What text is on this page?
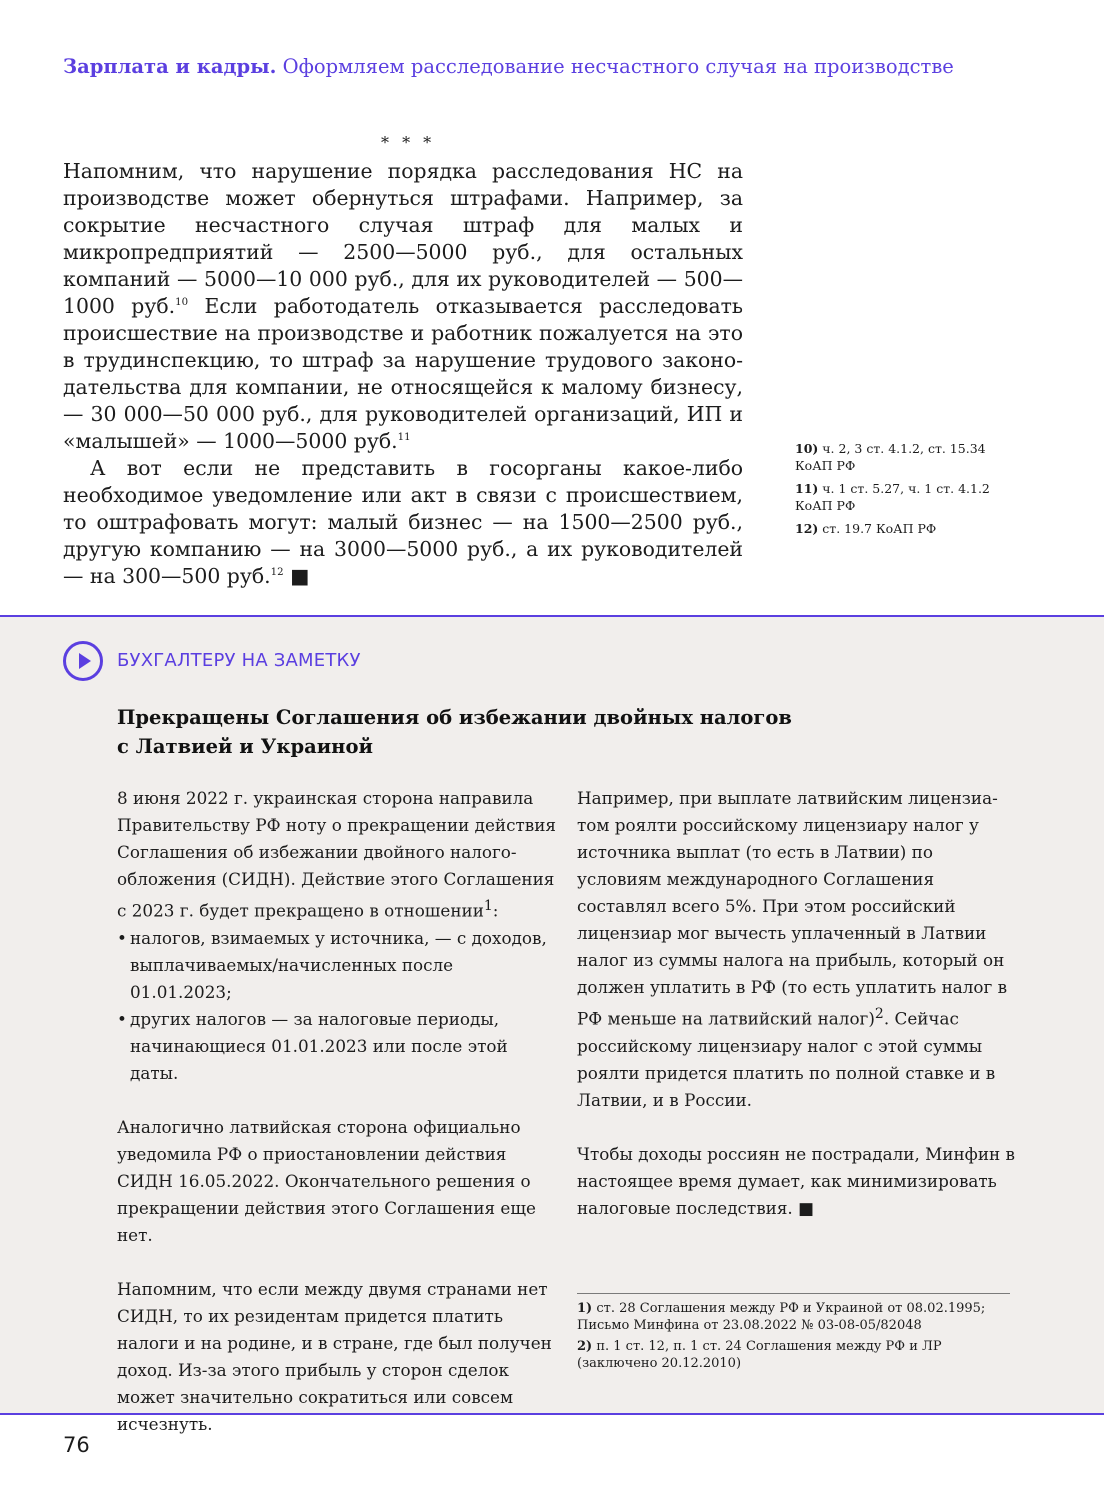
Зарплата и кадры. Оформляем расследование несчастного случая на производстве
* * *

Напомним, что нарушение порядка расследования НС на производстве может обернуться штрафами. Например, за сокрытие несчастного случая штраф для малых и микропредприятий — 2500—5000 руб., для остальных компаний — 5000—10 000 руб., для их руководителей — 500—1000 руб.$^{10}$ Если работодатель отказывается расследовать происшествие на производстве и работник пожалуется на это в трудинспекцию, то штраф за нарушение трудового законодательства для компании, не относящейся к малому бизнесу, — 30 000—50 000 руб., для руководителей организаций, ИП и «малышей» — 1000—5000 руб.$^{11}$

А вот если не представить в госорганы какое-либо необходимое уведомление или акт в связи с происшествием, то оштрафовать могут: малый бизнес — на 1500—2500 руб., другую компанию — на 3000—5000 руб., а их руководителей — на 300—500 руб.$^{12}$ ■

10) ч. 2, 3 ст. 4.1.2, ст. 15.34 КоАП РФ
11) ч. 1 ст. 5.27, ч. 1 ст. 4.1.2 КоАП РФ
12) ст. 19.7 КоАП РФ
БУХГАЛТЕРУ НА ЗАМЕТКУ
Прекращены Соглашения об избежании двойных налогов
с Латвией и Украиной

8 июня 2022 г. украинская сторона направила Правительству РФ ноту о прекращении действия Соглашения об избежании двойного налогообложения (СИДН). Действие этого Соглашения с 2023 г. будет прекращено в отношении$^1$:

• налогов, взимаемых у источника, — с доходов, выплачиваемых/начисленных после 01.01.2023;
• других налогов — за налоговые периоды, начинающиеся 01.01.2023 или после этой даты.

Аналогично латвийская сторона официально уведомила РФ о приостановлении действия СИДН 16.05.2022. Окончательного решения о прекращении действия этого Соглашения еще нет.

Напомним, что если между двумя странами нет СИДН, то их резидентам придется платить налоги и на родине, и в стране, где был получен доход. Из-за этого прибыль у сторон сделок может значительно сократиться или совсем исчезнуть.

Например, при выплате латвийским лицензиатом роялти российскому лицензиару налог у источника выплат (то есть в Латвии) по условиям международного Соглашения составлял всего 5%. При этом российский лицензиар мог вычесть уплаченный в Латвии налог из суммы налога на прибыль, который он должен уплатить в РФ (то есть уплатить налог в РФ меньше на латвийский налог)$^2$. Сейчас российскому лицензиару налог с этой суммы роялти придется платить по полной ставке и в Латвии, и в России.

Чтобы доходы россиян не пострадали, Минфин в настоящее время думает, как минимизировать налоговые последствия. ■

1) ст. 28 Соглашения между РФ и Украиной от 08.02.1995; Письмо Минфина от 23.08.2022 № 03-08-05/82048
2) п. 1 ст. 12, п. 1 ст. 24 Соглашения между РФ и ЛР (заключено 20.12.2010)
76
